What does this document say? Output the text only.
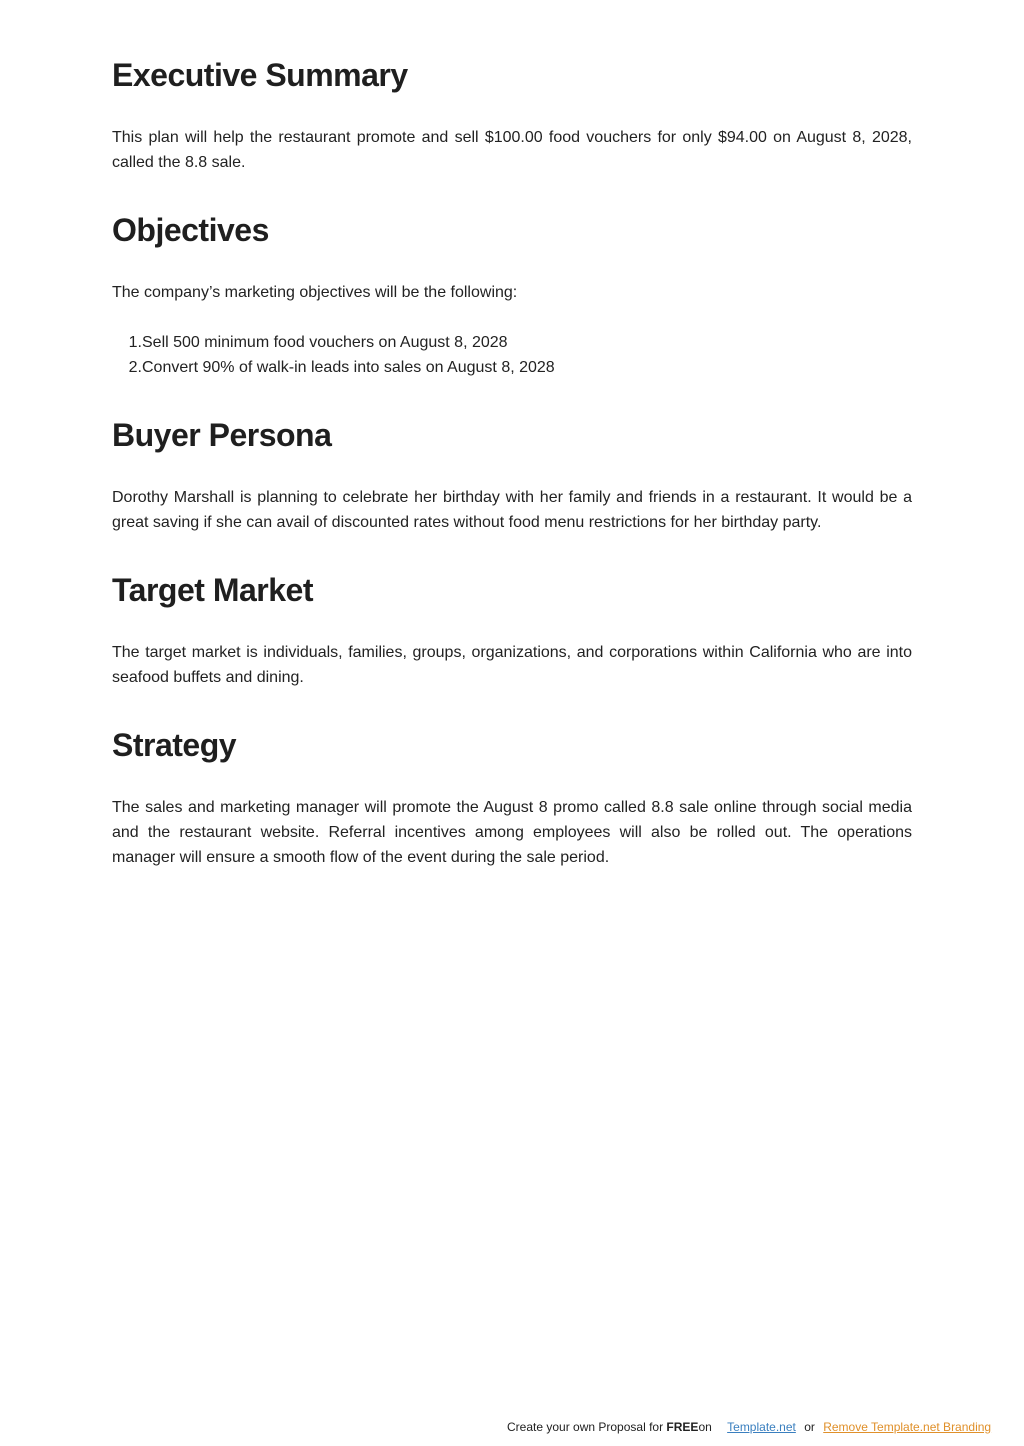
Executive Summary

This plan will help the restaurant promote and sell $100.00 food vouchers for only $94.00 on August 8, 2028, called the 8.8 sale.

Objectives

The company’s marketing objectives will be the following:

1. Sell 500 minimum food vouchers on August 8, 2028
2. Convert 90% of walk-in leads into sales on August 8, 2028
Buyer Persona

Dorothy Marshall is planning to celebrate her birthday with her family and friends in a restaurant. It would be a great saving if she can avail of discounted rates without food menu restrictions for her birthday party.

Target Market

The target market is individuals, families, groups, organizations, and corporations within California who are into seafood buffets and dining.

Strategy

The sales and marketing manager will promote the August 8 promo called 8.8 sale online through social media and the restaurant website. Referral incentives among employees will also be rolled out. The operations manager will ensure a smooth flow of the event during the sale period.

Create your own Proposal for FREEon Template.net or Remove Template.net Branding
